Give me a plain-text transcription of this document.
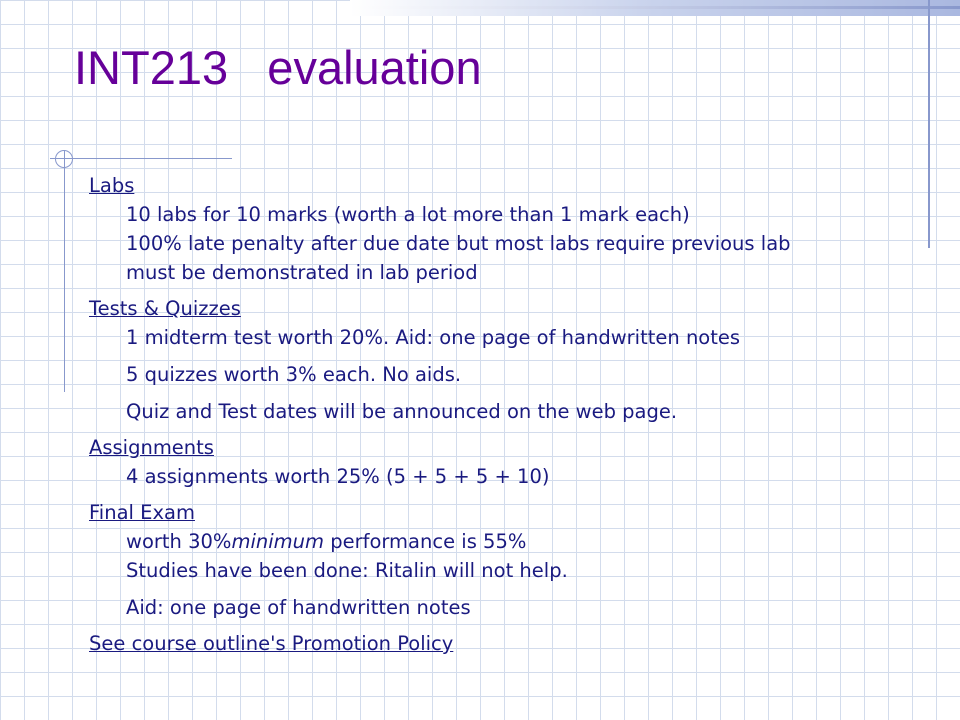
INT213   evaluation
Labs
10 labs for 10 marks (worth a lot more than 1 mark each)
100% late penalty after due date but most labs require previous lab
must be demonstrated in lab period
Tests & Quizzes
1 midterm test worth 20%. Aid: one page of handwritten notes
5 quizzes worth 3% each. No aids.
Quiz and Test dates will be announced on the web page.
Assignments
4 assignments worth 25% (5 + 5 + 5 + 10)
Final Exam
worth 30%minimum performance is 55%
Studies have been done: Ritalin will not help.
Aid: one page of handwritten notes
See course outline's Promotion Policy
